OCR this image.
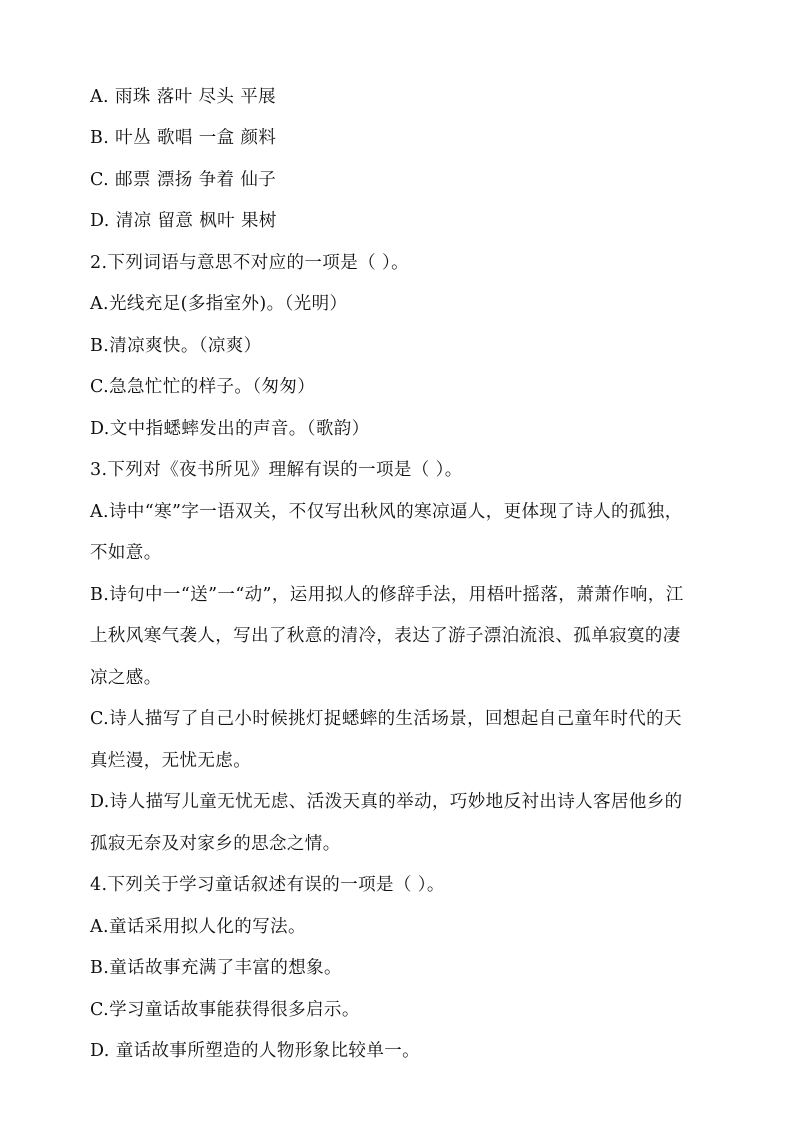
A. 雨珠 落叶 尽头 平展
B. 叶丛 歌唱 一盒 颜料
C. 邮票 漂扬 争着 仙子
D. 清凉 留意 枫叶 果树
2.下列词语与意思不对应的一项是（ ）。
A.光线充足(多指室外)。（光明）
B.清凉爽快。（凉爽）
C.急急忙忙的样子。（匆匆）
D.文中指蟋蟀发出的声音。（歌韵）
3.下列对《夜书所见》理解有误的一项是（ ）。
A.诗中“寒”字一语双关，不仅写出秋风的寒凉逼人，更体现了诗人的孤独，
不如意。
B.诗句中一“送”一“动”，运用拟人的修辞手法，用梧叶摇落，萧萧作响，江
上秋风寒气袭人，写出了秋意的清冷，表达了游子漂泊流浪、孤单寂寞的凄
凉之感。
C.诗人描写了自己小时候挑灯捉蟋蟀的生活场景，回想起自己童年时代的天
真烂漫，无忧无虑。
D.诗人描写儿童无忧无虑、活泼天真的举动，巧妙地反衬出诗人客居他乡的
孤寂无奈及对家乡的思念之情。
4.下列关于学习童话叙述有误的一项是（ ）。
A.童话采用拟人化的写法。
B.童话故事充满了丰富的想象。
C.学习童话故事能获得很多启示。
D. 童话故事所塑造的人物形象比较单一。
